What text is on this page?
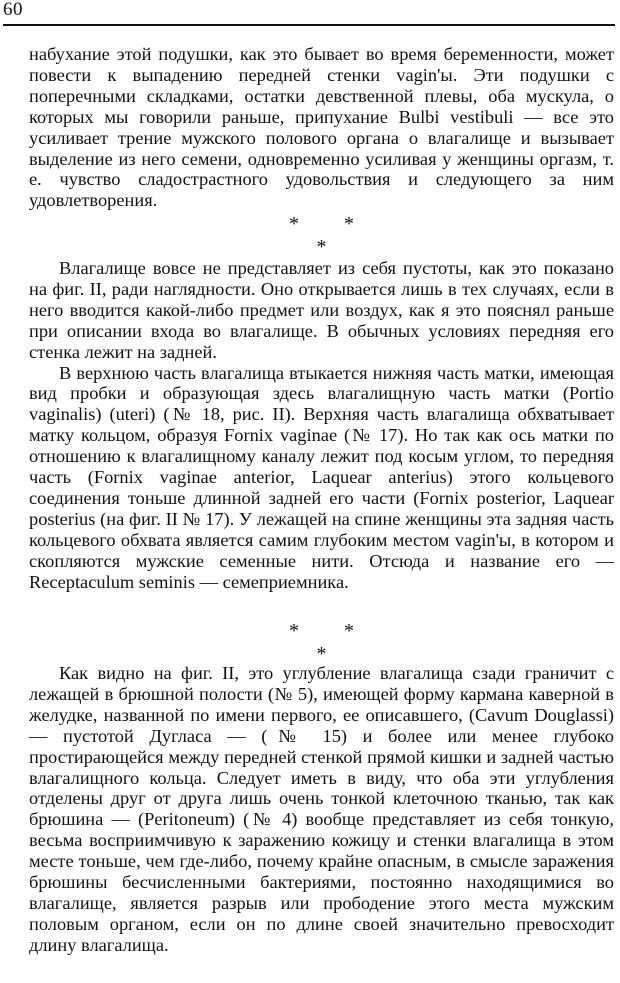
60

набухание этой подушки, как это бывает во время беременности, может повести к выпадению передней стенки vagin'ы. Эти подушки с поперечными складками, остатки девственной плевы, оба мускула, о которых мы говорили раньше, припухание Bulbi vestibuli — все это усиливает трение мужского полового органа о влагалище и вызывает выделение из него семени, одновременно усиливая у женщины оргазм, т. е. чувство сладострастного удовольствия и следующего за ним удовлетворения.

* *
*

Влагалище вовсе не представляет из себя пустоты, как это показано на фиг. II, ради наглядности. Оно открывается лишь в тех случаях, если в него вводится какой-либо предмет или воздух, как я это пояснял раньше при описании входа во влагалище. В обычных условиях передняя его стенка лежит на задней.

В верхнюю часть влагалища втыкается нижняя часть матки, имеющая вид пробки и образующая здесь влагалищную часть матки (Portio vaginalis) (uteri) (№ 18, рис. II). Верхняя часть влагалища обхватывает матку кольцом, образуя Fornix vaginae (№ 17). Но так как ось матки по отношению к влагалищному каналу лежит под косым углом, то передняя часть (Fornix vaginae anterior, Laquear anterius) этого кольцевого соединения тоньше длинной задней его части (Fornix posterior, Laquear posterius (на фиг. II № 17). У лежащей на спине женщины эта задняя часть кольцевого обхвата является самим глубоким местом vagin'ы, в котором и скопляются мужские семенные нити. Отсюда и название его — Receptaculum seminis — семеприемника.

* *
*

Как видно на фиг. II, это углубление влагалища сзади граничит с лежащей в брюшной полости (№ 5), имеющей форму кармана каверной в желудке, названной по имени первого, ее описавшего, (Cavum Douglassi) — пустотой Дугласа — (№ 15) и более или менее глубоко простирающейся между передней стенкой прямой кишки и задней частью влагалищного кольца. Следует иметь в виду, что оба эти углубления отделены друг от друга лишь очень тонкой клеточною тканью, так как брюшина — (Peritoneum) (№ 4) вообще представляет из себя тонкую, весьма восприимчивую к заражению кожицу и стенки влагалища в этом месте тоньше, чем где-либо, почему крайне опасным, в смысле заражения брюшины бесчисленными бактериями, постоянно находящимися во влагалище, является разрыв или прободение этого места мужским половым органом, если он по длине своей значительно превосходит длину влагалища.
